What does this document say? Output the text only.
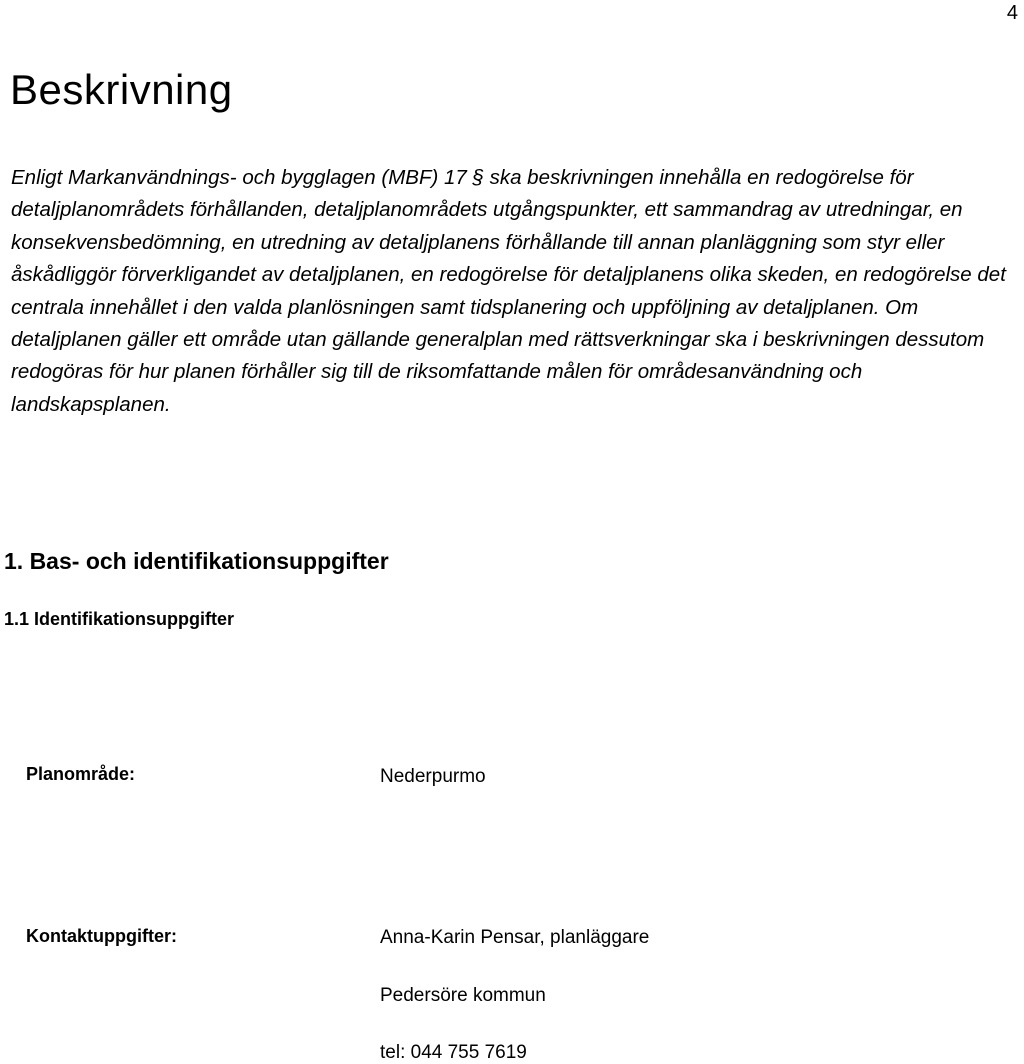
4
Beskrivning

Enligt Markanvändnings- och bygglagen (MBF) 17 § ska beskrivningen innehålla en redogörelse för detaljplanområdets förhållanden, detaljplanområdets utgångspunkter, ett sammandrag av utredningar, en konsekvensbedömning, en utredning av detaljplanens förhållande till annan planläggning som styr eller åskådliggör förverkligandet av detaljplanen, en redogörelse för detaljplanens olika skeden, en redogörelse det centrala innehållet i den valda planlösningen samt tidsplanering och uppföljning av detaljplanen. Om detaljplanen gäller ett område utan gällande generalplan med rättsverkningar ska i beskrivningen dessutom redogöras för hur planen förhåller sig till de riksomfattande målen för områdesanvändning och landskapsplanen.

1. Bas- och identifikationsuppgifter
1.1 Identifikationsuppgifter
Planområde:	Nederpurmo
Kontaktuppgifter:	Anna-Karin Pensar, planläggare
Pedersöre kommun
tel: 044 755 7619
